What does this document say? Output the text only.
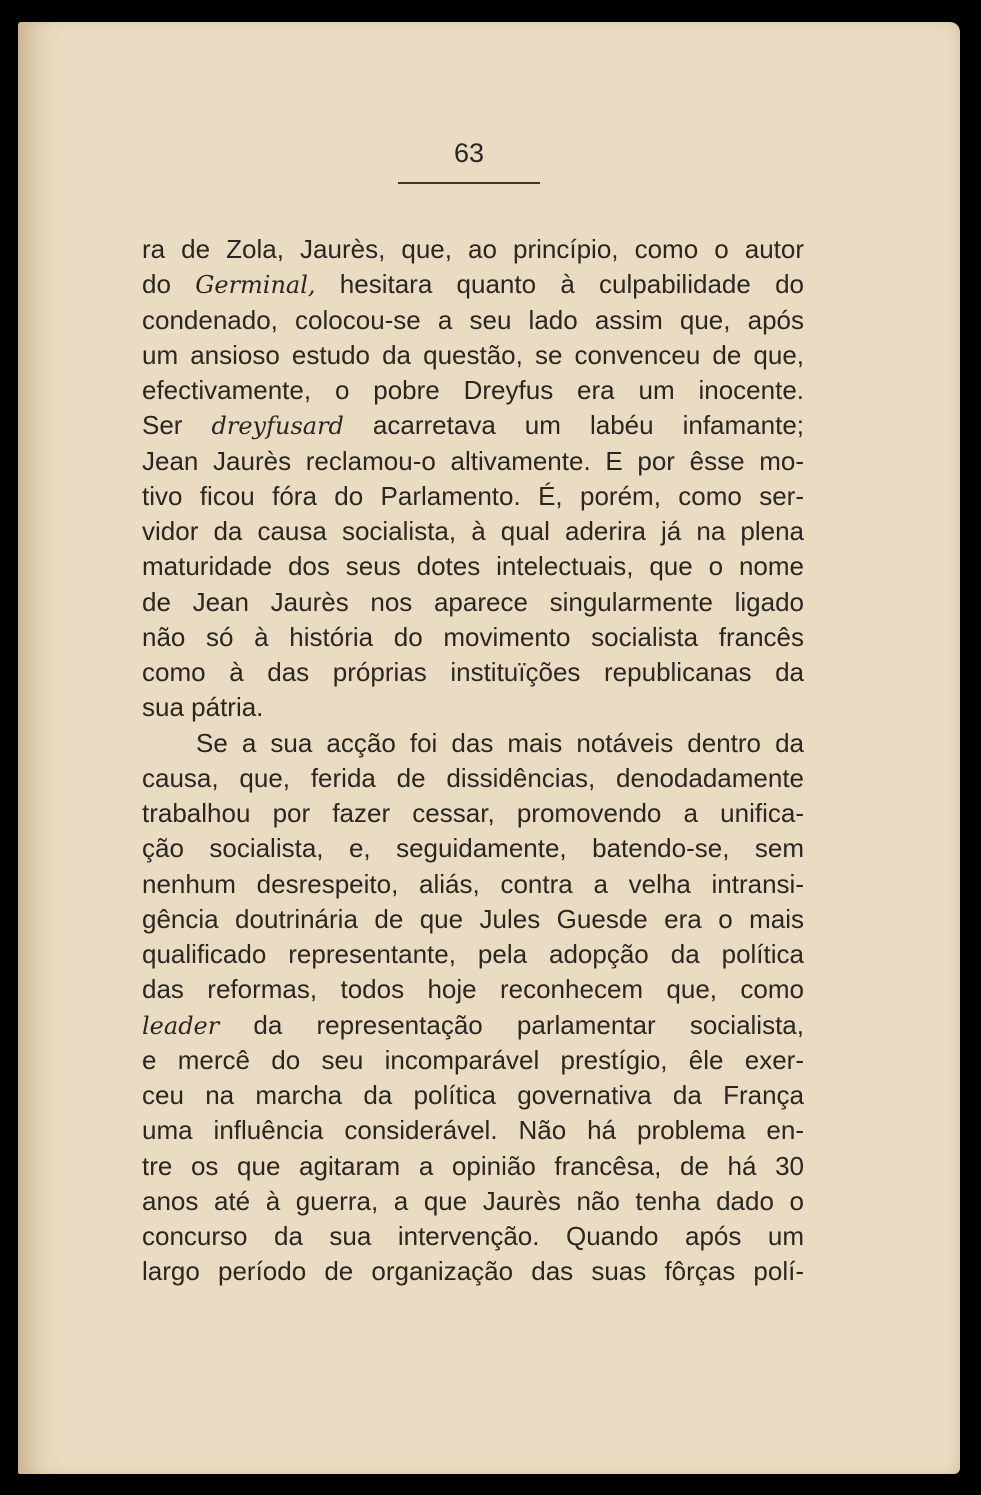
63
ra de Zola, Jaurès, que, ao princípio, como o autor
do Germinal, hesitara quanto à culpabilidade do
condenado, colocou-se a seu lado assim que, após
um ansioso estudo da questão, se convenceu de que,
efectivamente, o pobre Dreyfus era um inocente.
Ser dreyfusard acarretava um labéu infamante;
Jean Jaurès reclamou-o altivamente. E por êsse mo-
tivo ficou fóra do Parlamento. É, porém, como ser-
vidor da causa socialista, à qual aderira já na plena
maturidade dos seus dotes intelectuais, que o nome
de Jean Jaurès nos aparece singularmente ligado
não só à história do movimento socialista francês
como à das próprias instituïções republicanas da
sua pátria.
Se a sua acção foi das mais notáveis dentro da
causa, que, ferida de dissidências, denodadamente
trabalhou por fazer cessar, promovendo a unifica-
ção socialista, e, seguidamente, batendo-se, sem
nenhum desrespeito, aliás, contra a velha intransi-
gência doutrinária de que Jules Guesde era o mais
qualificado representante, pela adopção da política
das reformas, todos hoje reconhecem que, como
leader da representação parlamentar socialista,
e mercê do seu incomparável prestígio, êle exer-
ceu na marcha da política governativa da França
uma influência considerável. Não há problema en-
tre os que agitaram a opinião francêsa, de há 30
anos até à guerra, a que Jaurès não tenha dado o
concurso da sua intervenção. Quando após um
largo período de organização das suas fôrças polí-
